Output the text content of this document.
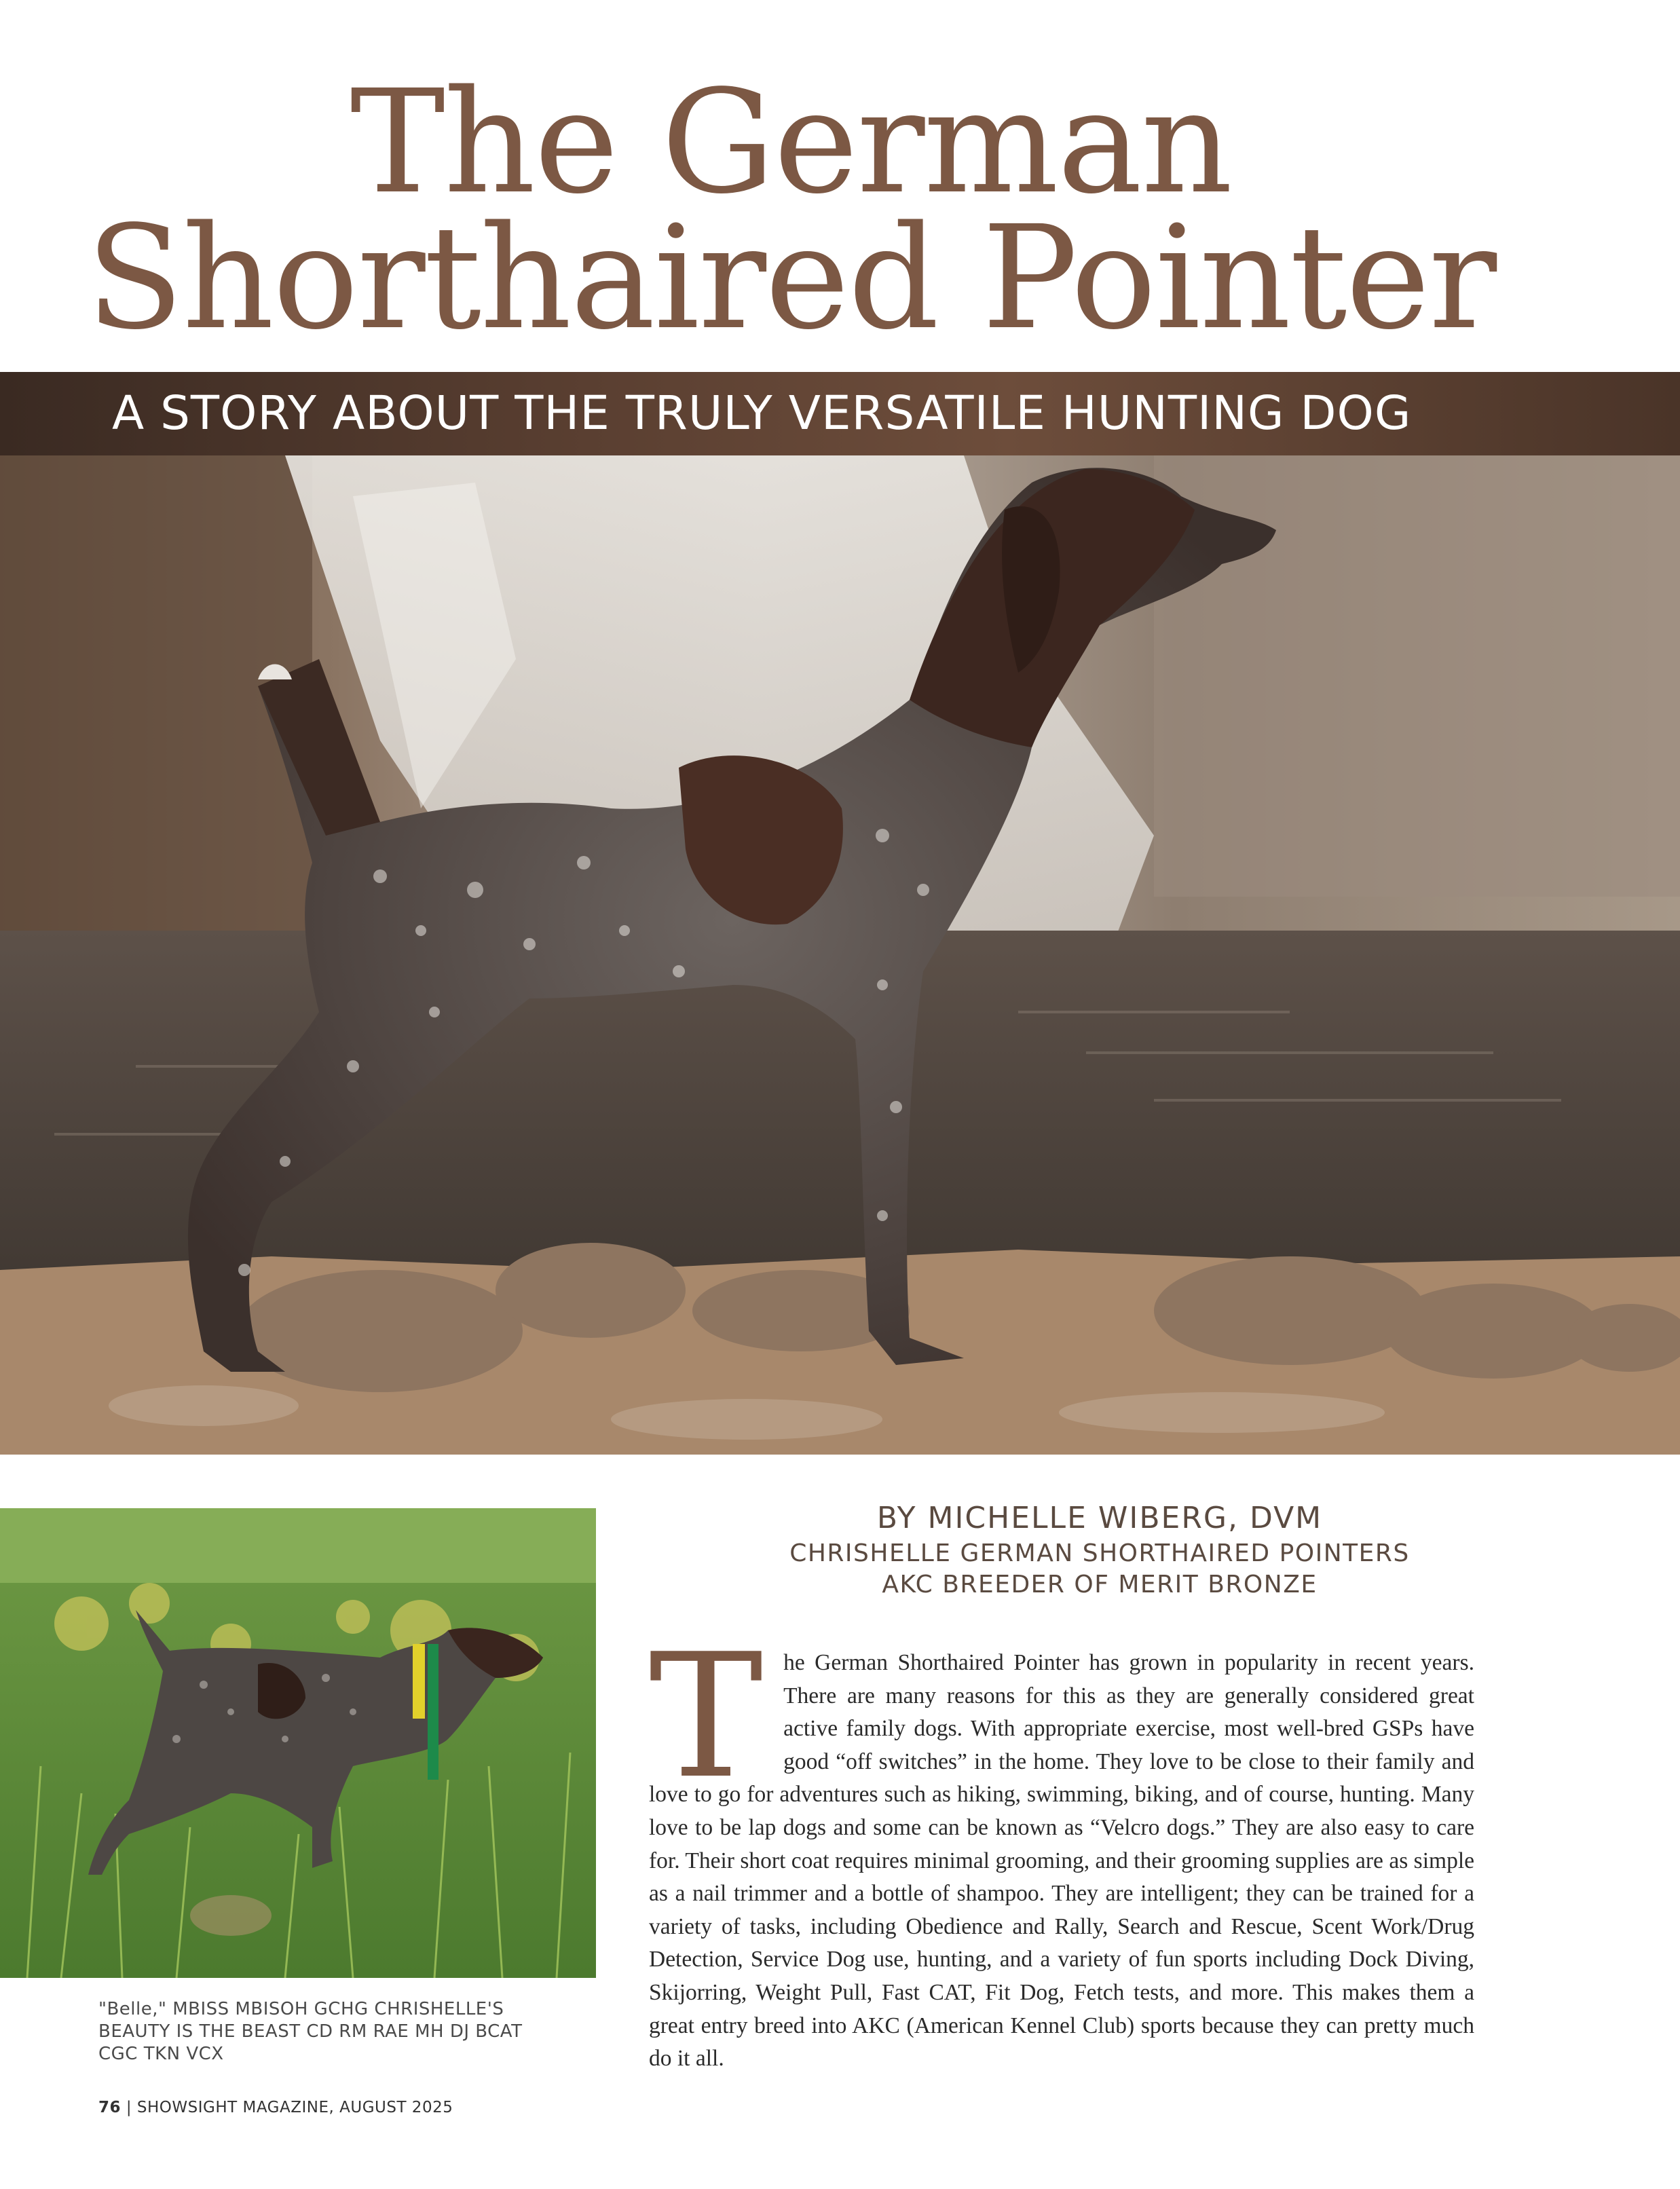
The German
Shorthaired Pointer
A STORY ABOUT THE TRULY VERSATILE HUNTING DOG

"Belle," MBISS MBISOH GCHG CHRISHELLE'S BEAUTY IS THE BEAST CD RM RAE MH DJ BCAT CGC TKN VCX

BY MICHELLE WIBERG, DVM
CHRISHELLE GERMAN SHORTHAIRED POINTERS
AKC BREEDER OF MERIT BRONZE

T he German Shorthaired Pointer has grown in popularity in recent years. There are many reasons for this as they are generally considered great active family dogs. With appropriate exercise, most well-bred GSPs have good “off switches” in the home. They love to be close to their family and love to go for adventures such as hiking, swimming, biking, and of course, hunting. Many love to be lap dogs and some can be known as “Velcro dogs.” They are also easy to care for. Their short coat requires minimal grooming, and their grooming supplies are as simple as a nail trimmer and a bottle of shampoo. They are intelligent; they can be trained for a variety of tasks, including Obedience and Rally, Search and Rescue, Scent Work/Drug Detection, Service Dog use, hunting, and a variety of fun sports including Dock Diving, Skijorring, Weight Pull, Fast CAT, Fit Dog, Fetch tests, and more. This makes them a great entry breed into AKC (American Kennel Club) sports because they can pretty much do it all.

76 | SHOWSIGHT MAGAZINE, AUGUST 2025
